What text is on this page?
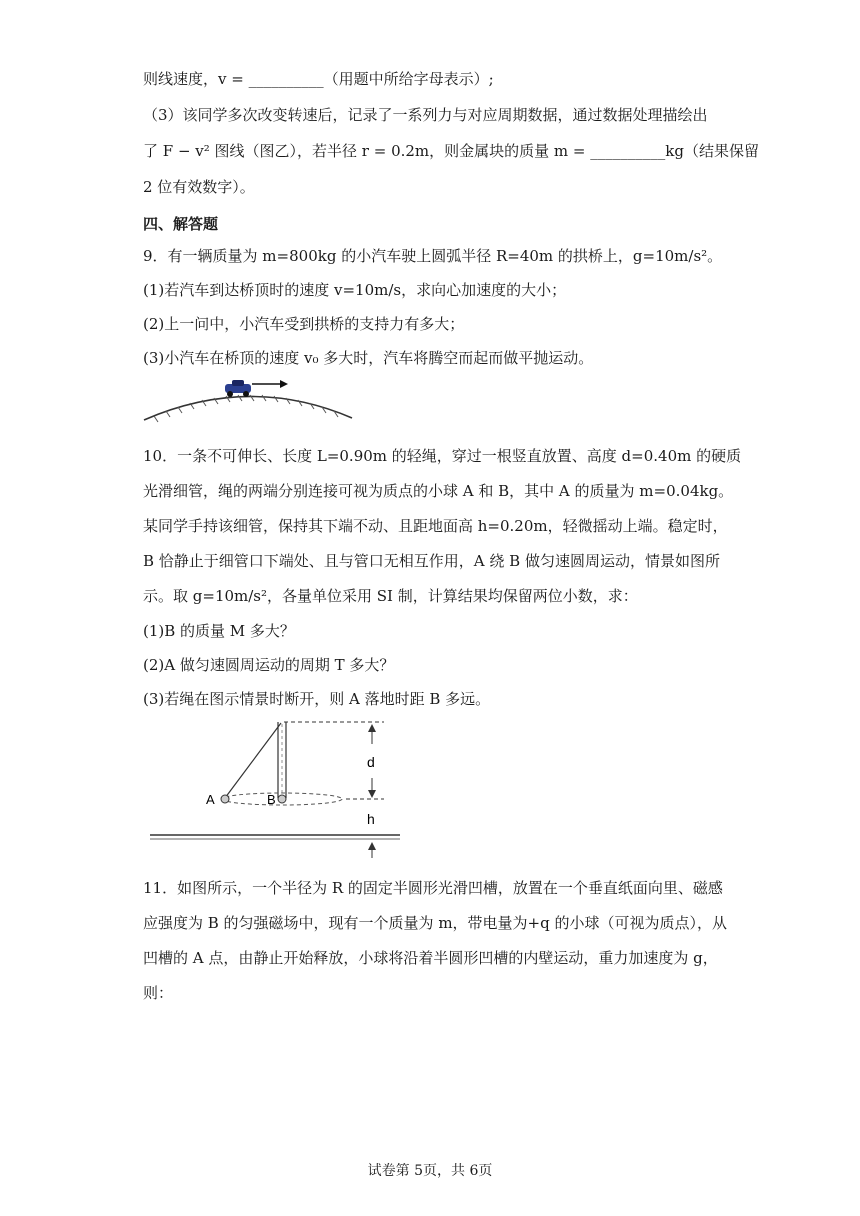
则线速度，v = __________（用题中所给字母表示）;
（3）该同学多次改变转速后，记录了一系列力与对应周期数据，通过数据处理描绘出
了 F − v² 图线（图乙），若半径 r = 0.2m，则金属块的质量 m = __________kg（结果保留
2 位有效数字）。
四、解答题
9．有一辆质量为 m=800kg 的小汽车驶上圆弧半径 R=40m 的拱桥上，g=10m/s²。
(1)若汽车到达桥顶时的速度 v=10m/s，求向心加速度的大小；
(2)上一问中，小汽车受到拱桥的支持力有多大；
(3)小汽车在桥顶的速度 v₀ 多大时，汽车将腾空而起而做平抛运动。
10．一条不可伸长、长度 L=0.90m 的轻绳，穿过一根竖直放置、高度 d=0.40m 的硬质
光滑细管，绳的两端分别连接可视为质点的小球 A 和 B，其中 A 的质量为 m=0.04kg。
某同学手持该细管，保持其下端不动、且距地面高 h=0.20m，轻微摇动上端。稳定时，
B 恰静止于细管口下端处、且与管口无相互作用，A 绕 B 做匀速圆周运动，情景如图所
示。取 g=10m/s²，各量单位采用 SI 制，计算结果均保留两位小数，求：
(1)B 的质量 M 多大？
(2)A 做匀速圆周运动的周期 T 多大？
(3)若绳在图示情景时断开，则 A 落地时距 B 多远。
A	B
d
h
11．如图所示，一个半径为 R 的固定半圆形光滑凹槽，放置在一个垂直纸面向里、磁感
应强度为 B 的匀强磁场中，现有一个质量为 m，带电量为+q 的小球（可视为质点），从
凹槽的 A 点，由静止开始释放，小球将沿着半圆形凹槽的内壁运动，重力加速度为 g，
则：
试卷第 5页，共 6页
